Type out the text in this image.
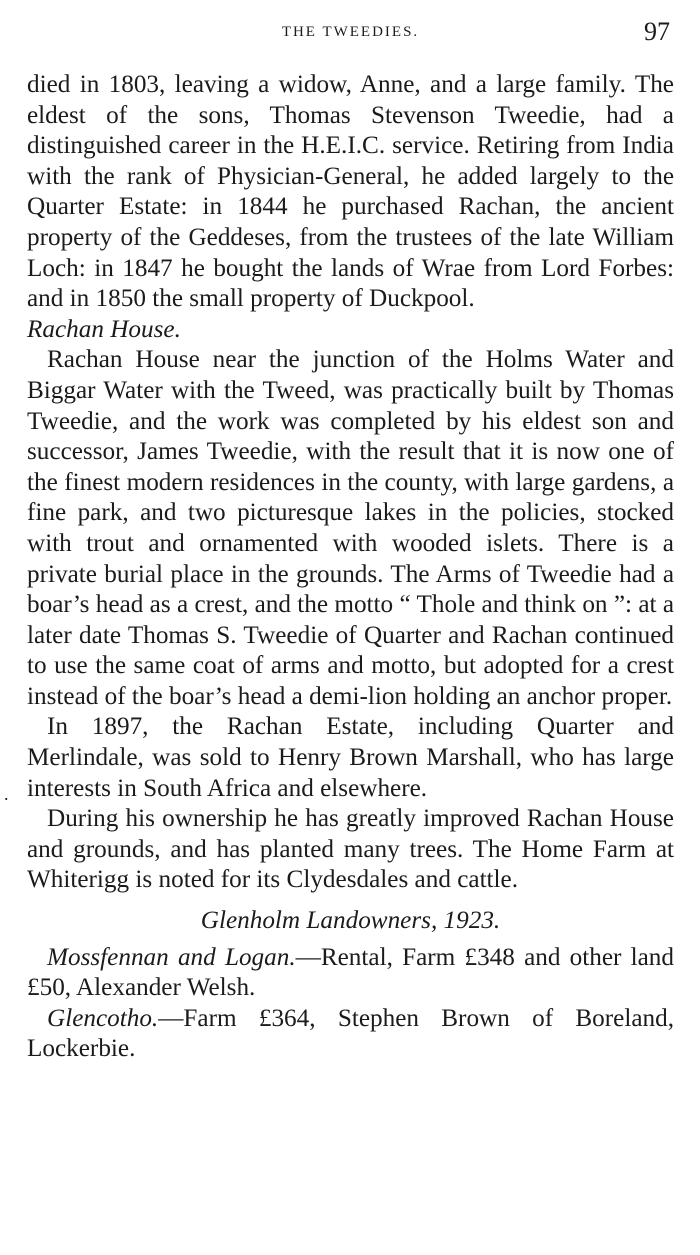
THE TWEEDIES.	97
.

died in 1803, leaving a widow, Anne, and a large family. The eldest of the sons, Thomas Stevenson Tweedie, had a distinguished career in the H.E.I.C. service. Retiring from India with the rank of Physician-General, he added largely to the Quarter Estate: in 1844 he purchased Rachan, the ancient property of the Geddeses, from the trustees of the late William Loch: in 1847 he bought the lands of Wrae from Lord Forbes: and in 1850 the small property of Duckpool.

Rachan House.

Rachan House near the junction of the Holms Water and Biggar Water with the Tweed, was practically built by Thomas Tweedie, and the work was completed by his eldest son and successor, James Tweedie, with the result that it is now one of the finest modern residences in the county, with large gardens, a fine park, and two picturesque lakes in the policies, stocked with trout and ornamented with wooded islets. There is a private burial place in the grounds. The Arms of Tweedie had a boar’s head as a crest, and the motto “ Thole and think on ”: at a later date Thomas S. Tweedie of Quarter and Rachan continued to use the same coat of arms and motto, but adopted for a crest instead of the boar’s head a demi-lion holding an anchor proper.

In 1897, the Rachan Estate, including Quarter and Merlindale, was sold to Henry Brown Marshall, who has large interests in South Africa and elsewhere.

During his ownership he has greatly improved Rachan House and grounds, and has planted many trees. The Home Farm at Whiterigg is noted for its Clydesdales and cattle.

Glenholm Landowners, 1923.

Mossfennan and Logan.—Rental, Farm £348 and other land £50, Alexander Welsh.

Glencotho.—Farm £364, Stephen Brown of Boreland, Lockerbie.
